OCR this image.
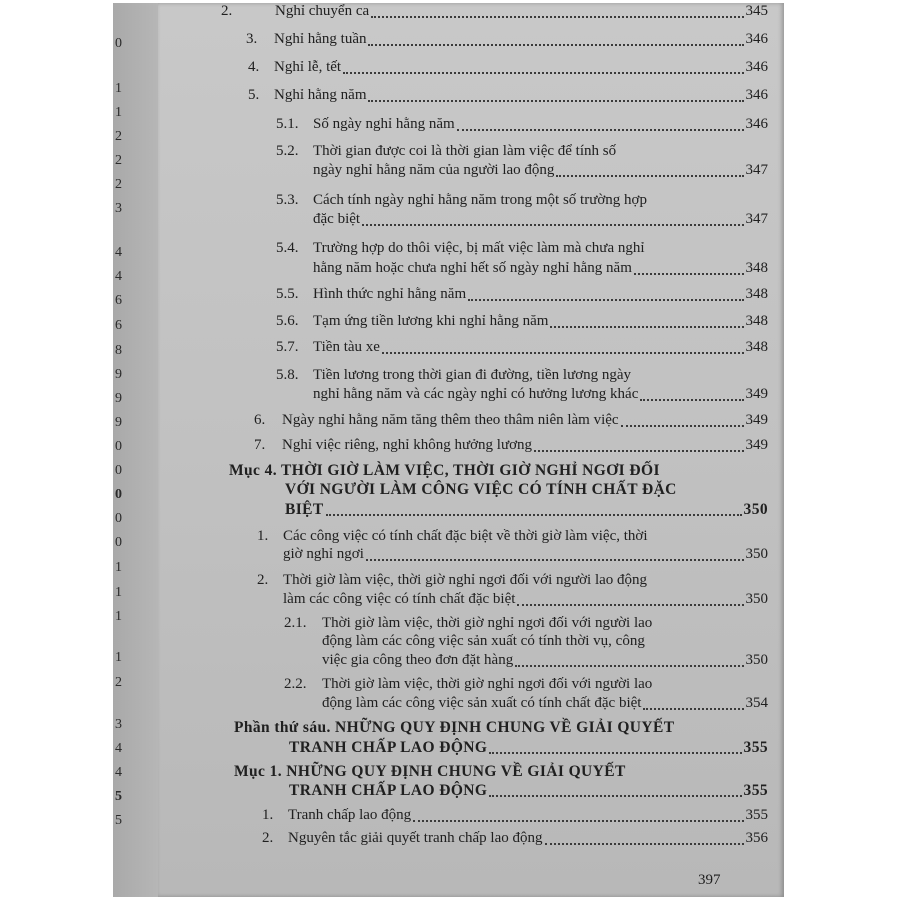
0
1
1
2
2
2
3
4
4
6
6
8
9
9
9
0
0
0
0
0
1
1
1
1
2
3
4
4
5
5
2.	Nghỉ chuyển ca	345
3.	Nghỉ hằng tuần	346
4. Nghỉ lễ, tết	346
5. Nghỉ hằng năm	346
5.1. Số ngày nghỉ hằng năm	346
5.2. Thời gian được coi là thời gian làm việc để tính số
ngày nghỉ hằng năm của người lao động	347
5.3. Cách tính ngày nghỉ hằng năm trong một số trường hợp
đặc biệt	347
5.4. Trường hợp do thôi việc, bị mất việc làm mà chưa nghỉ
hằng năm hoặc chưa nghỉ hết số ngày nghỉ hằng năm	348
5.5. Hình thức nghỉ hằng năm	348
5.6. Tạm ứng tiền lương khi nghỉ hằng năm	348
5.7. Tiền tàu xe	348
5.8. Tiền lương trong thời gian đi đường, tiền lương ngày
nghỉ hằng năm và các ngày nghỉ có hưởng lương khác	349
6.	Ngày nghỉ hằng năm tăng thêm theo thâm niên làm việc	349
7.	Nghỉ việc riêng, nghỉ không hưởng lương	349
Mục 4. THỜI GIỜ LÀM VIỆC, THỜI GIỜ NGHỈ NGƠI ĐỐI
VỚI NGƯỜI LÀM CÔNG VIỆC CÓ TÍNH CHẤT ĐẶC
BIỆT	350
1. Các công việc có tính chất đặc biệt về thời giờ làm việc, thời
giờ nghỉ ngơi	350
2. Thời giờ làm việc, thời giờ nghỉ ngơi đối với người lao động
làm các công việc có tính chất đặc biệt	350
2.1. Thời giờ làm việc, thời giờ nghỉ ngơi đối với người lao
động làm các công việc sản xuất có tính thời vụ, công
việc gia công theo đơn đặt hàng	350
2.2. Thời giờ làm việc, thời giờ nghỉ ngơi đối với người lao
động làm các công việc sản xuất có tính chất đặc biệt	354
Phần thứ sáu. NHỮNG QUY ĐỊNH CHUNG VỀ GIẢI QUYẾT
TRANH CHẤP LAO ĐỘNG	355
Mục 1. NHỮNG QUY ĐỊNH CHUNG VỀ GIẢI QUYẾT
TRANH CHẤP LAO ĐỘNG	355
1. Tranh chấp lao động	355
2. Nguyên tắc giải quyết tranh chấp lao động	356
397
